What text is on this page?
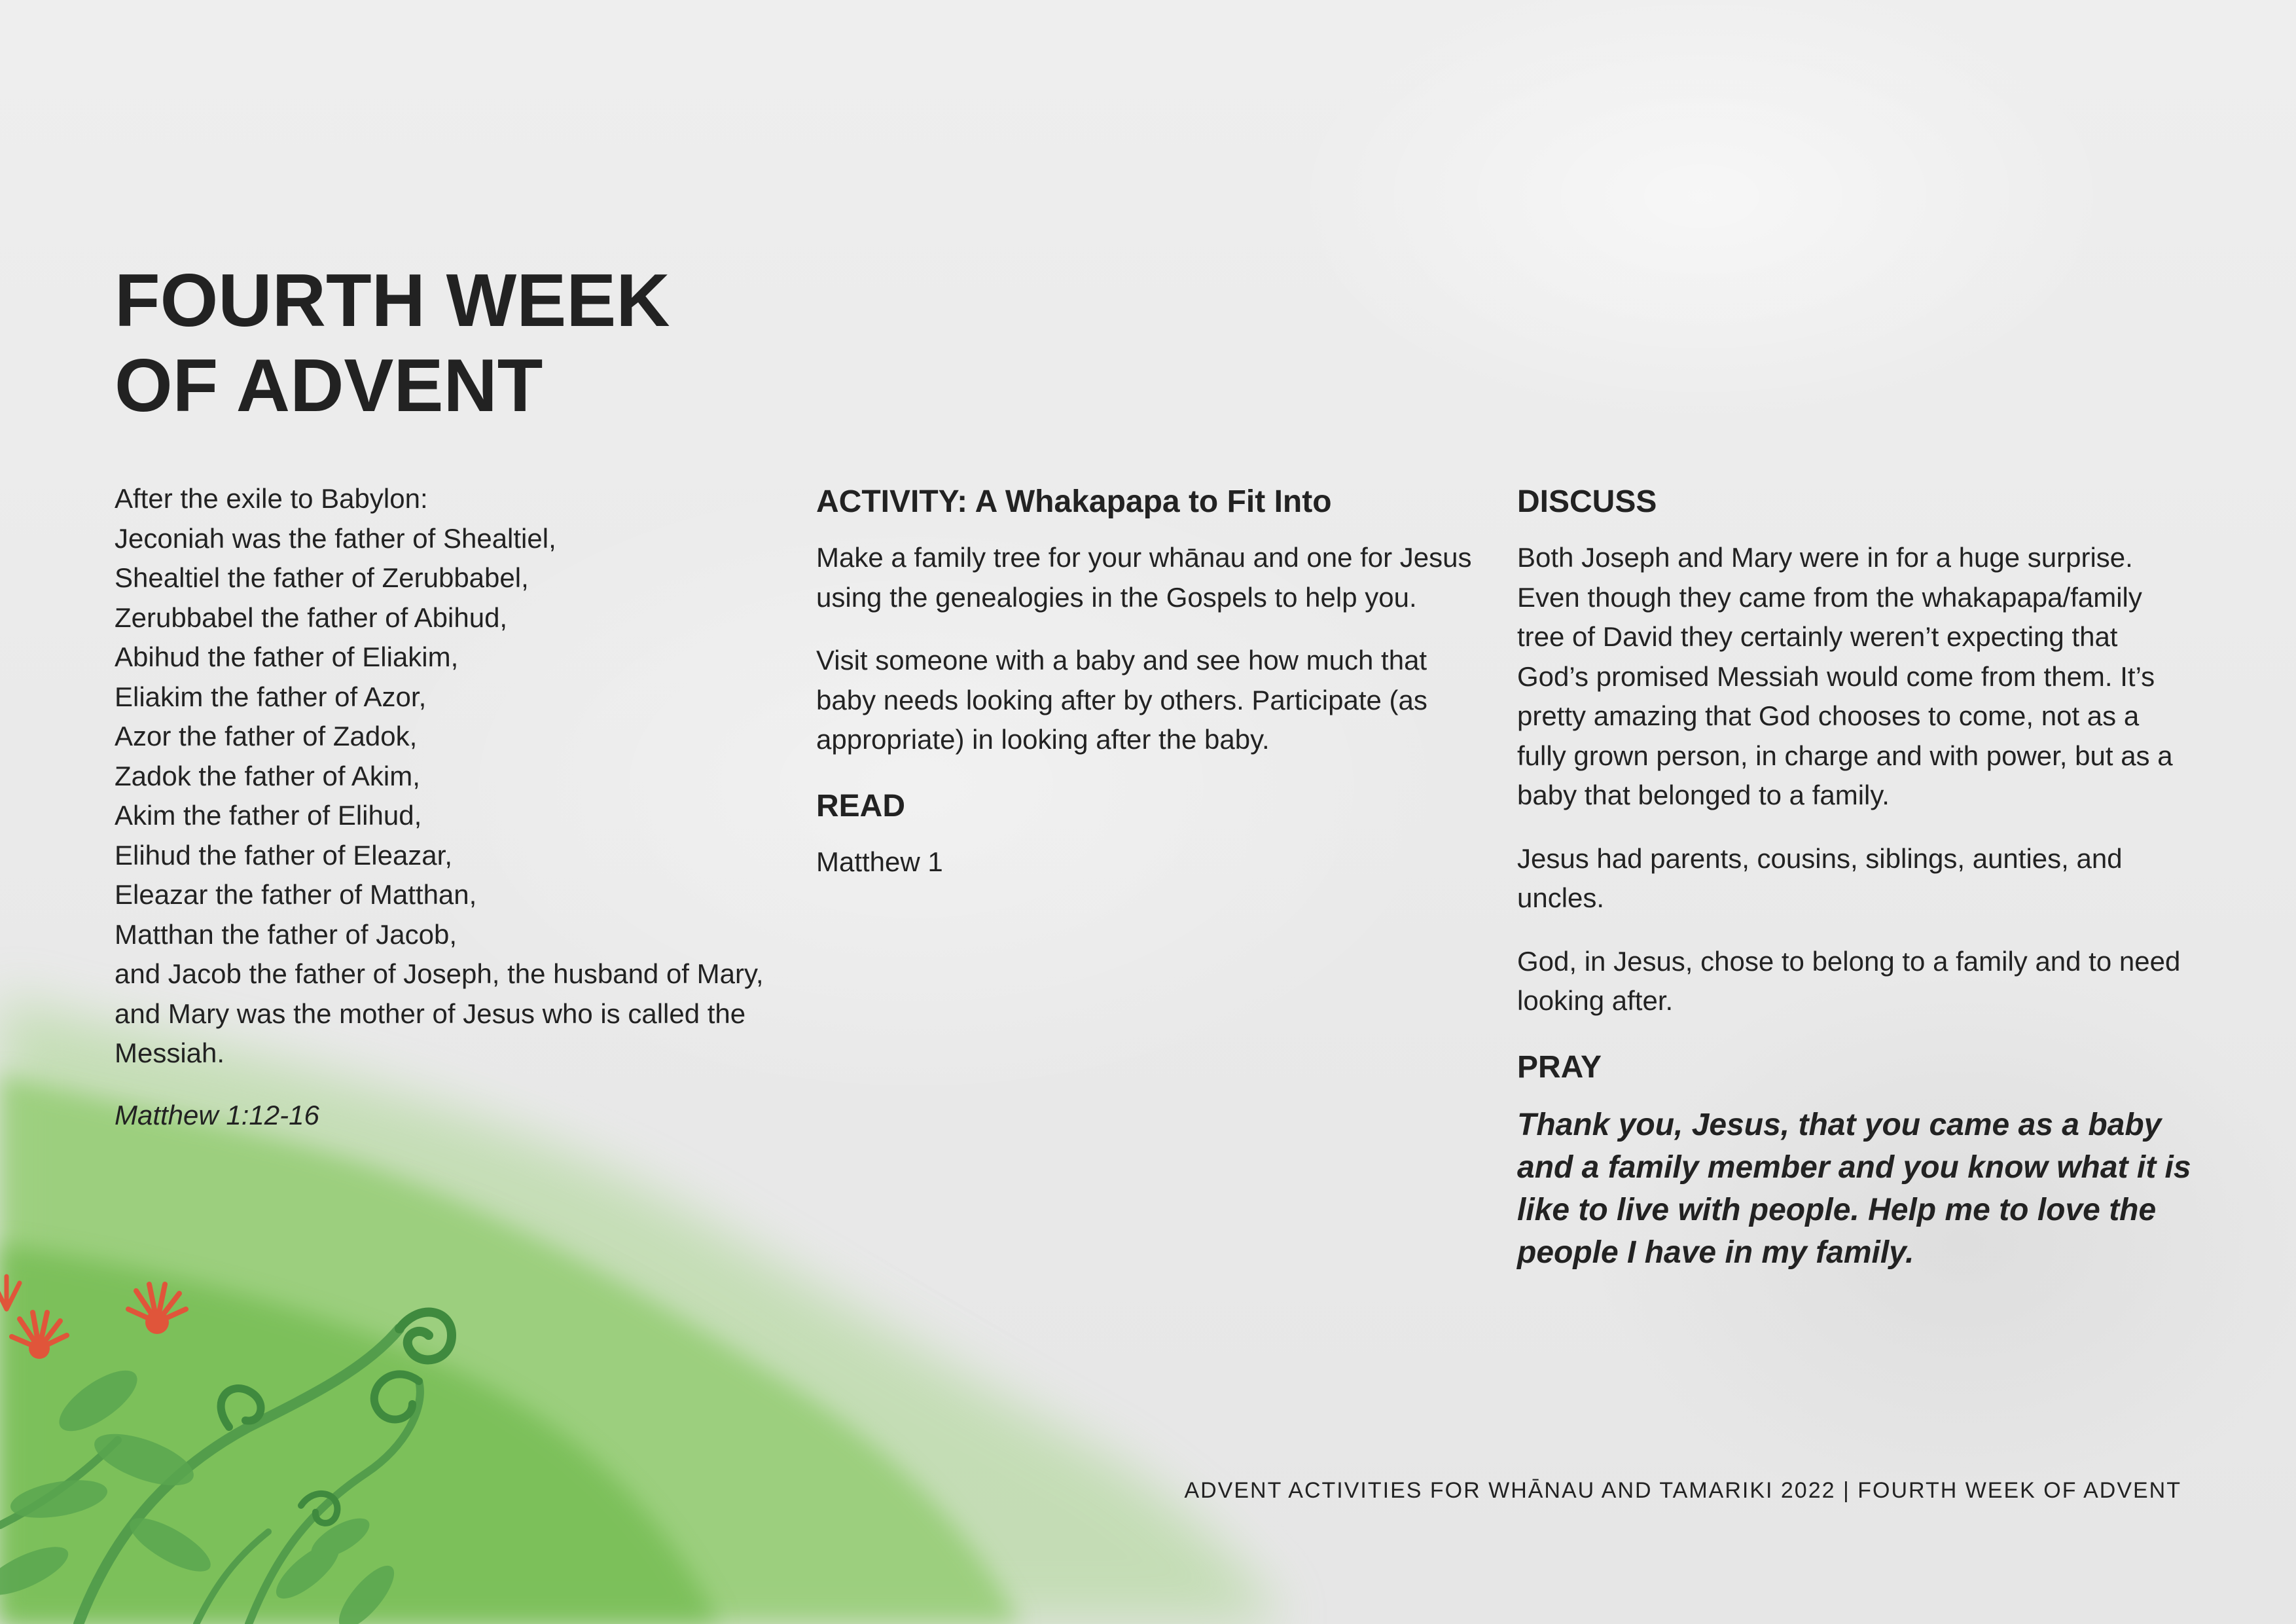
FOURTH WEEK
OF ADVENT

After the exile to Babylon:
Jeconiah was the father of Shealtiel,
Shealtiel the father of Zerubbabel,
Zerubbabel the father of Abihud,
Abihud the father of Eliakim,
Eliakim the father of Azor,
Azor the father of Zadok,
Zadok the father of Akim,
Akim the father of Elihud,
Elihud the father of Eleazar,
Eleazar the father of Matthan,
Matthan the father of Jacob,
and Jacob the father of Joseph, the husband of Mary,
and Mary was the mother of Jesus who is called the
Messiah.

Matthew 1:12-16

ACTIVITY: A Whakapapa to Fit Into

Make a family tree for your whānau and one for Jesus using the genealogies in the Gospels to help you.

Visit someone with a baby and see how much that baby needs looking after by others. Participate (as appropriate) in looking after the baby.

READ

Matthew 1

DISCUSS

Both Joseph and Mary were in for a huge surprise. Even though they came from the whakapapa/family tree of David they certainly weren’t expecting that God’s promised Messiah would come from them. It’s pretty amazing that God chooses to come, not as a fully grown person, in charge and with power, but as a baby that belonged to a family.

Jesus had parents, cousins, siblings, aunties, and uncles.

God, in Jesus, chose to belong to a family and to need looking after.

PRAY

Thank you, Jesus, that you came as a baby and a family member and you know what it is like to live with people. Help me to love the people I have in my family.

ADVENT ACTIVITIES FOR WHĀNAU AND TAMARIKI 2022 | FOURTH WEEK OF ADVENT
